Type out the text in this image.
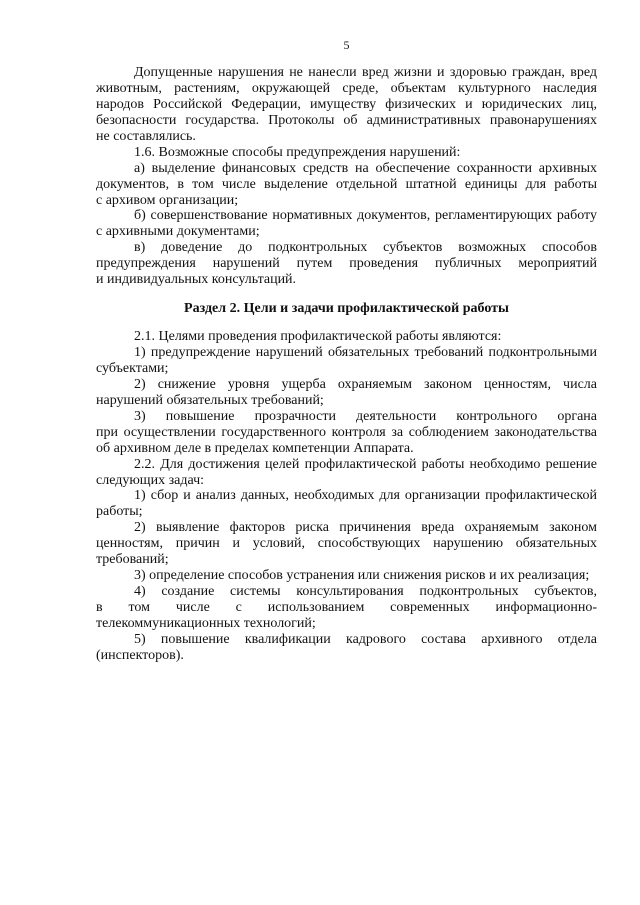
5
Допущенные нарушения не нанесли вред жизни и здоровью граждан, вред
животным, растениям, окружающей среде, объектам культурного наследия
народов Российской Федерации, имуществу физических и юридических лиц,
безопасности государства. Протоколы об административных правонарушениях
не составлялись.
1.6. Возможные способы предупреждения нарушений:
а) выделение финансовых средств на обеспечение сохранности архивных
документов, в том числе выделение отдельной штатной единицы для работы
с архивом организации;
б) совершенствование нормативных документов, регламентирующих работу
с архивными документами;
в) доведение до подконтрольных субъектов возможных способов
предупреждения нарушений путем проведения публичных мероприятий
и индивидуальных консультаций.
Раздел 2. Цели и задачи профилактической работы
2.1. Целями проведения профилактической работы являются:
1) предупреждение нарушений обязательных требований подконтрольными
субъектами;
2) снижение уровня ущерба охраняемым законом ценностям, числа
нарушений обязательных требований;
3) повышение прозрачности деятельности контрольного органа
при осуществлении государственного контроля за соблюдением законодательства
об архивном деле в пределах компетенции Аппарата.
2.2. Для достижения целей профилактической работы необходимо решение
следующих задач:
1) сбор и анализ данных, необходимых для организации профилактической
работы;
2) выявление факторов риска причинения вреда охраняемым законом
ценностям, причин и условий, способствующих нарушению обязательных
требований;
3) определение способов устранения или снижения рисков и их реализация;
4) создание системы консультирования подконтрольных субъектов,
в том числе с использованием современных информационно-
телекоммуникационных технологий;
5) повышение квалификации кадрового состава архивного отдела
(инспекторов).
